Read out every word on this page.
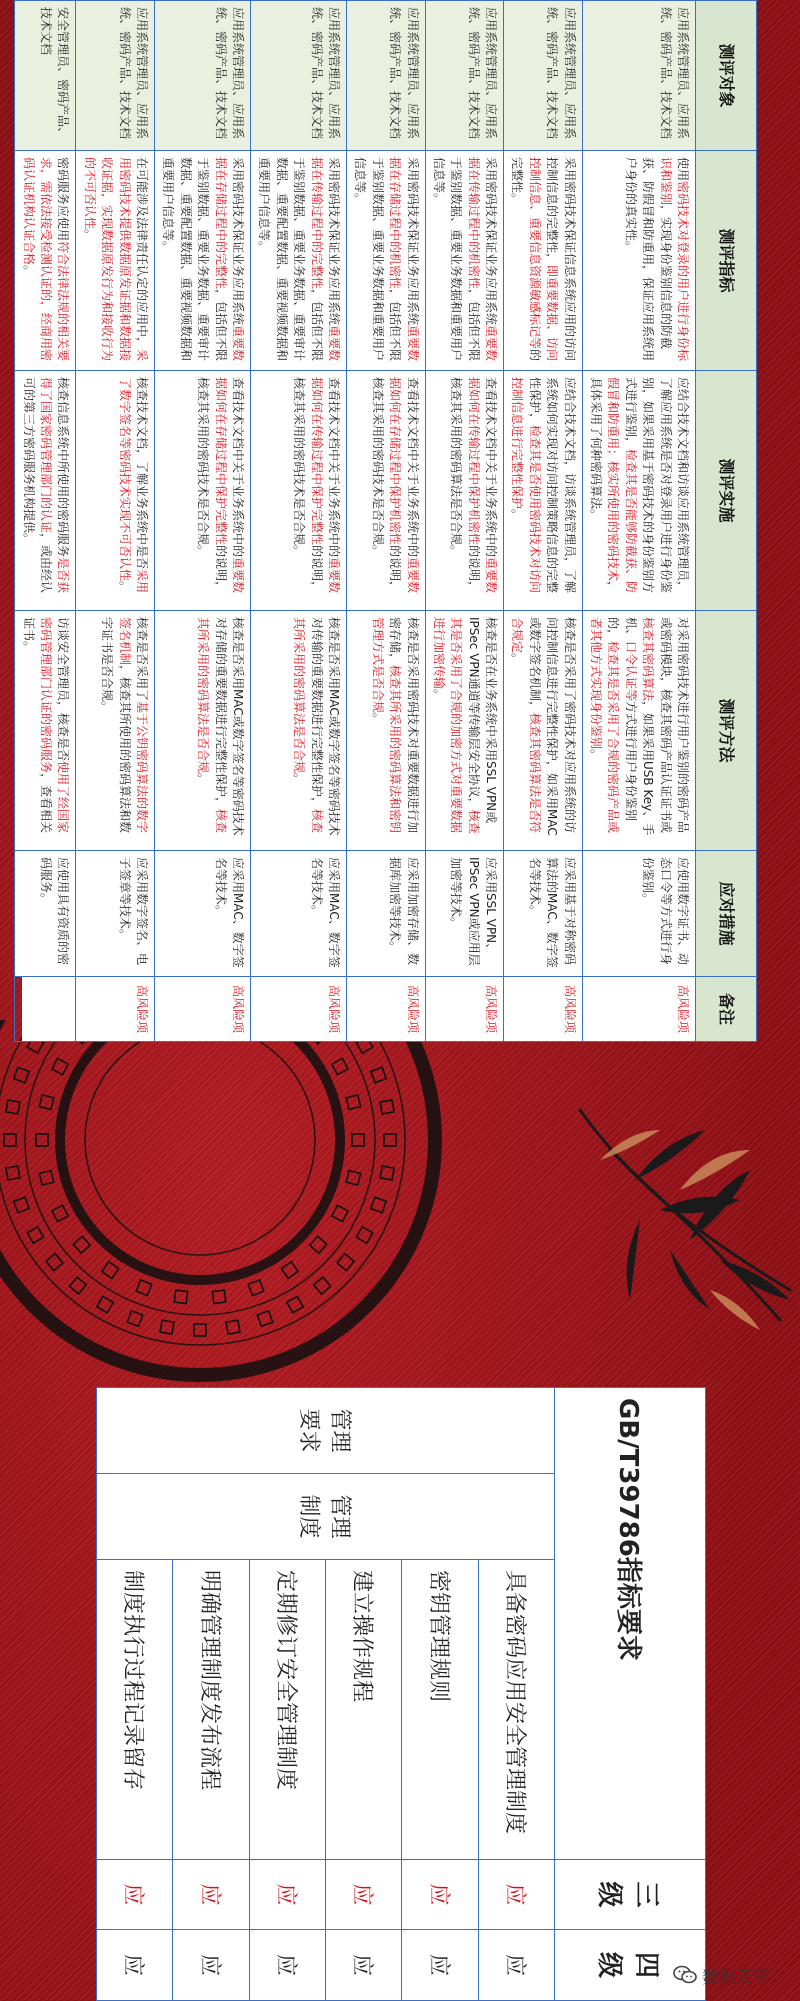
测评对象	测评指标	测评实施	测评方法	应对措施	备注
应用系统管理员、应用系统、密码产品、技术文档	使用密码技术对登录的用户进行身份标识和鉴别，实现身份鉴别信息的防截获、防假冒和防重用，保证应用系统用户身份的真实性。	应结合技术文档和访谈应用系统管理员，了解应用系统是否对登录用户进行身份鉴别，如果采用基于密码技术的身份鉴别方式进行鉴别，检查其是否能够防截获、防假冒和防重用；核实所使用的密码技术，具体采用了何种密码算法。	对采用密码技术进行用户鉴别的密码产品或密码模块，核查其密码产品认证证书或核查其密码算法，如果采用USB Key、手机、口令认证等方式进行用户身份鉴别的，检查其是否采用了合规的密码产品或者其他方式实现身份鉴别。	应使用数字证书、动态口令等方式进行身份鉴别。	高风险项
应用系统管理员、应用系统、密码产品、技术文档	采用密码技术保证信息系统应用的访问控制信息的完整性，即重要数据、访问控制信息、重要信息资源敏感标记等的完整性。	应结合技术文档，访谈系统管理员，了解系统如何实现对访问控制策略信息的完整性保护，检查其是否使用密码技术对访问控制信息进行完整性保护。	核查是否采用了密码技术对应用系统的访问控制信息进行完整性保护，如采用MAC或数字签名机制，核查其密码算法是否符合规定。	应采用基于对称密码算法的MAC、数字签名等技术。	高风险项
应用系统管理员、应用系统、密码产品、技术文档	采用密码技术保证业务应用系统重要数据在传输过程中的机密性，包括但不限于鉴别数据、重要业务数据和重要用户信息等。	查看技术文档中关于业务系统中的重要数据如何在传输过程中保护机密性的说明，核查其采用的密码算法是否合规。	核查是否在业务系统中采用SSL VPN或IPSec VPN通道等传输层安全协议，核查其是否采用了合规的加密方式对重要数据进行加密传输。	应采用SSL VPN、IPSec VPN或应用层加密等技术。	高风险项
应用系统管理员、应用系统、密码产品、技术文档	采用密码技术保证业务应用系统重要数据在存储过程中的机密性，包括但不限于鉴别数据、重要业务数据和重要用户信息等。	查看技术文档中关于业务系统中的重要数据如何在存储过程中保护机密性的说明，核查其采用的密码技术是否合规。	核查是否采用密码技术对重要数据进行加密存储，核查其所采用的密码算法和密钥管理方式是否合规。	应采用加密存储、数据库加密等技术。	高风险项
应用系统管理员、应用系统、密码产品、技术文档	采用密码技术保证业务应用系统重要数据在传输过程中的完整性，包括但不限于鉴别数据、重要业务数据、重要审计数据、重要配置数据、重要视频数据和重要用户信息等。	查看技术文档中关于业务系统中的重要数据如何在传输过程中保护完整性的说明，核查其采用的密码技术是否合规。	核查是否采用MAC或数字签名等密码技术对传输的重要数据进行完整性保护，核查其所采用的密码算法是否合规。	应采用MAC、数字签名等技术。	高风险项
应用系统管理员、应用系统、密码产品、技术文档	采用密码技术保证业务应用系统重要数据在存储过程中的完整性，包括但不限于鉴别数据、重要业务数据、重要审计数据、重要配置数据、重要视频数据和重要用户信息等。	查看技术文档中关于业务系统中的重要数据如何在存储过程中保护完整性的说明，核查其采用的密码技术是否合规。	核查是否采用MAC或数字签名等密码技术对存储的重要数据进行完整性保护，核查其所采用的密码算法是否合规。	应采用MAC、数字签名等技术。	高风险项
应用系统管理员、应用系统、密码产品、技术文档	在可能涉及法律责任认定的应用中，采用密码技术提供数据原发证据和数据接收证据，实现数据原发行为和接收行为的不可否认性。	核查技术文档，了解业务系统中是否采用了数字签名等密码技术实现不可否认性。	核查是否采用了基于公钥密码算法的数字签名机制，核查其所使用的密码算法和数字证书是否合规。	应采用数字签名、电子签章等技术。	高风险项
安全管理员、密码产品、技术文档	密码服务应使用符合法律法规的相关要求，需依法接受检测认证的，经商用密码认证机构认证合格。	核查信息系统中所使用的密码服务是否获得了国家密码管理部门的认证，或由经认可的第三方密码服务机构提供。	访谈安全管理员，核查是否使用了经国家密码管理部门认证的密码服务，查看相关证书。	应使用具有资质的密码服务。	
GB/T39786指标要求			三级	四级
管理要求	管理制度	具备密码应用安全管理制度	应	应
		密钥管理规则	应	应
		建立操作规程	应	应
		定期修订安全管理制度	应	应
		明确管理制度发布流程	应	应
		制度执行过程记录留存	应	应
数观天下
